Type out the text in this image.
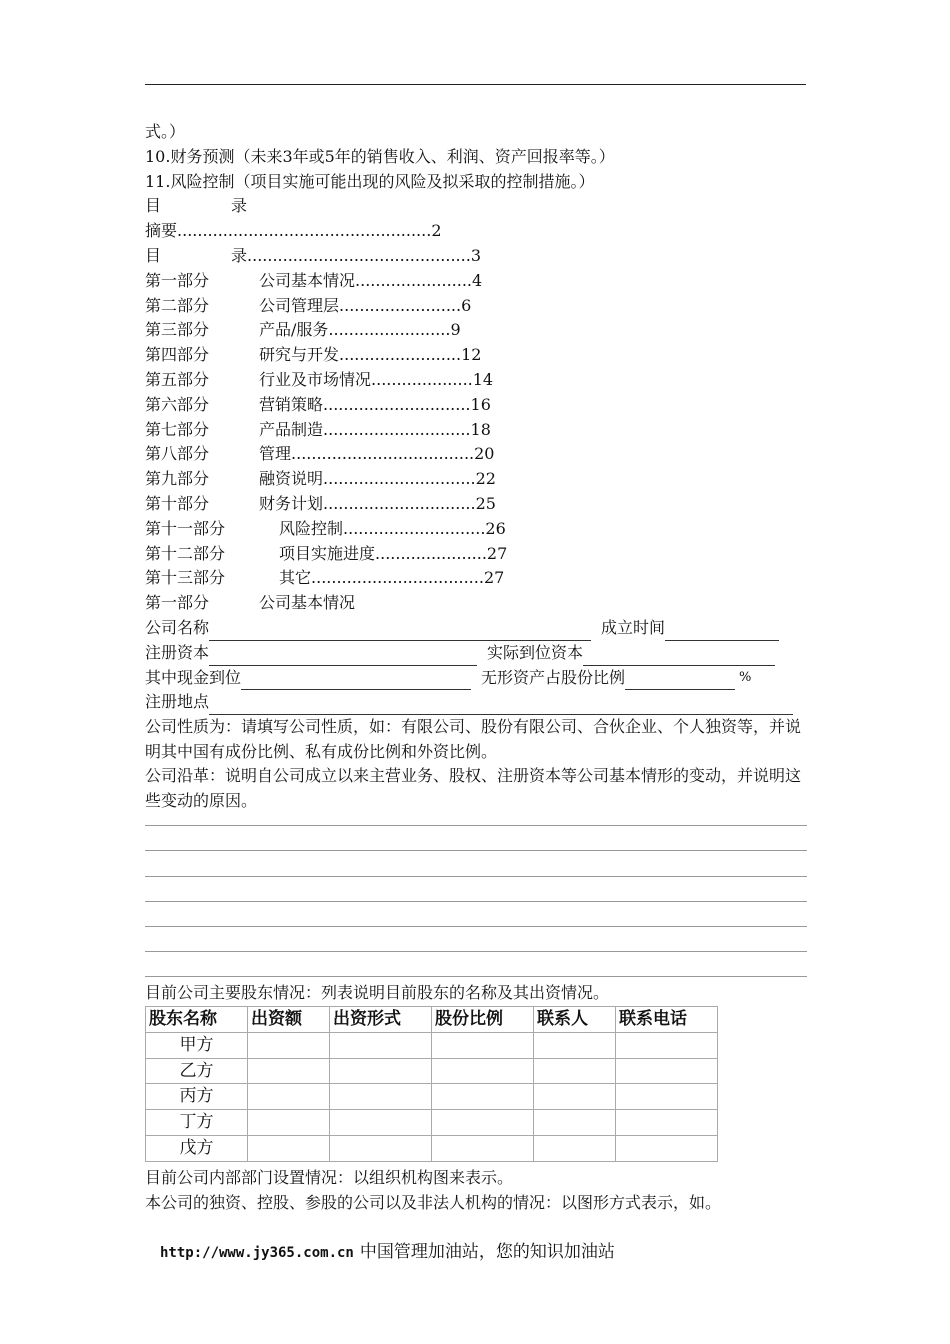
式。）
10.财务预测（未来3年或5年的销售收入、利润、资产回报率等。）
11.风险控制（项目实施可能出现的风险及拟采取的控制措施。）
目	录
摘要..................................................2
目	录............................................3
第一部分	公司基本情况 ....................... 4
第二部分	公司管理层 ........................ 6
第三部分	产品/服务 ........................ 9
第四部分	研究与开发 ........................ 12
第五部分	行业及市场情况 .................... 14
第六部分	营销策略 ............................. 16
第七部分	产品制造 ............................. 18
第八部分	管理 .................................... 20
第九部分	融资说明 .............................. 22
第十部分	财务计划 .............................. 25
第十一部分	风险控制 ............................ 26
第十二部分	项目实施进度 ...................... 27
第十三部分	其它 .................................. 27
第一部分	公司基本情况
公司名称	成立时间
注册资本	实际到位资本
其中现金到位	无形资产占股份比例	%
注册地点
公司性质为：请填写公司性质，如：有限公司、股份有限公司、合伙企业、个人独资等，并说明其中国有成份比例、私有成份比例和外资比例。
公司沿革：说明自公司成立以来主营业务、股权、注册资本等公司基本情形的变动，并说明这些变动的原因。
目前公司主要股东情况：列表说明目前股东的名称及其出资情况。
股东名称	出资额	出资形式	股份比例	联系人	联系电话
甲方					
乙方					
丙方					
丁方					
戊方					
目前公司内部部门设置情况：以组织机构图来表示。
本公司的独资、控股、参股的公司以及非法人机构的情况：以图形方式表示，如。
http://www.jy365.com.cn 中国管理加油站，您的知识加油站
